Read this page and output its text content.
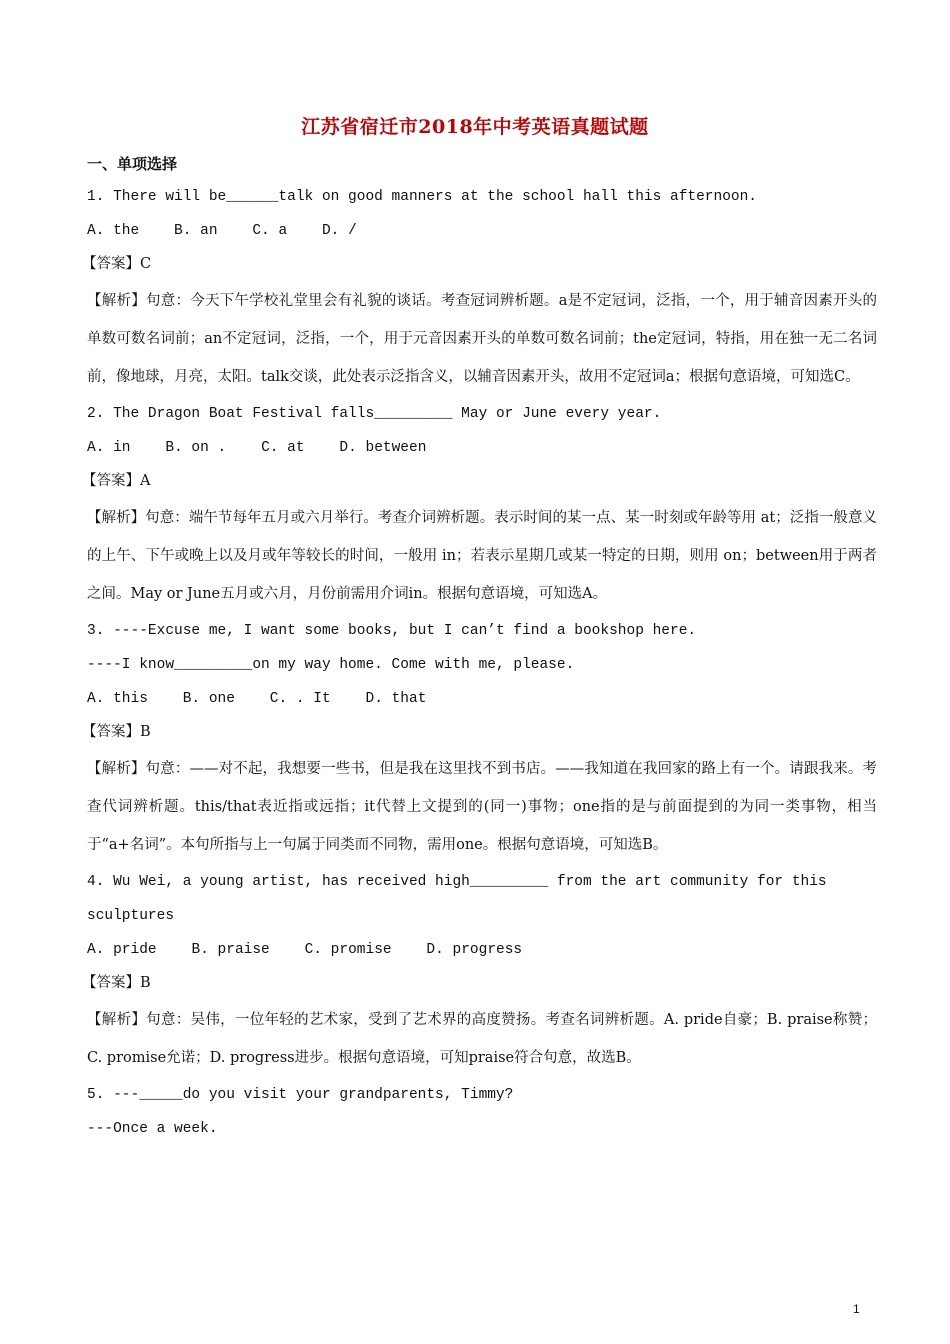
江苏省宿迁市2018年中考英语真题试题
一、单项选择
1. There will be______talk on good manners at the school hall this afternoon.
A. the B. an C. a D. /
【答案】C
【解析】句意：今天下午学校礼堂里会有礼貌的谈话。考查冠词辨析题。a是不定冠词，泛指，一个，用于辅音因素开头的单数可数名词前；an不定冠词，泛指，一个，用于元音因素开头的单数可数名词前；the定冠词，特指，用在独一无二名词前，像地球，月亮，太阳。talk交谈，此处表示泛指含义，以辅音因素开头，故用不定冠词a；根据句意语境，可知选C。
2. The Dragon Boat Festival falls_________ May or June every year.
A. in B. on . C. at D. between
【答案】A
【解析】句意：端午节每年五月或六月举行。考查介词辨析题。表示时间的某一点、某一时刻或年龄等用 at；泛指一般意义的上午、下午或晚上以及月或年等较长的时间，一般用 in；若表示星期几或某一特定的日期，则用 on；between用于两者之间。May or June五月或六月，月份前需用介词in。根据句意语境，可知选A。
3. ----Excuse me, I want some books, but I can’t find a bookshop here.
----I know_________on my way home. Come with me, please.
A. this B. one C. . It D. that
【答案】B
【解析】句意：——对不起，我想要一些书，但是我在这里找不到书店。——我知道在我回家的路上有一个。请跟我来。考查代词辨析题。this/that表近指或远指；it代替上文提到的(同一)事物；one指的是与前面提到的为同一类事物，相当于“a+名词”。本句所指与上一句属于同类而不同物，需用one。根据句意语境，可知选B。
4. Wu Wei, a young artist, has received high_________ from the art community for this
sculptures
A. pride B. praise C. promise D. progress
【答案】B
【解析】句意：吴伟，一位年轻的艺术家，受到了艺术界的高度赞扬。考查名词辨析题。A. pride自豪；B. praise称赞；C. promise允诺；D. progress进步。根据句意语境，可知praise符合句意，故选B。
5. ---_____do you visit your grandparents, Timmy?
---Once a week.
1
